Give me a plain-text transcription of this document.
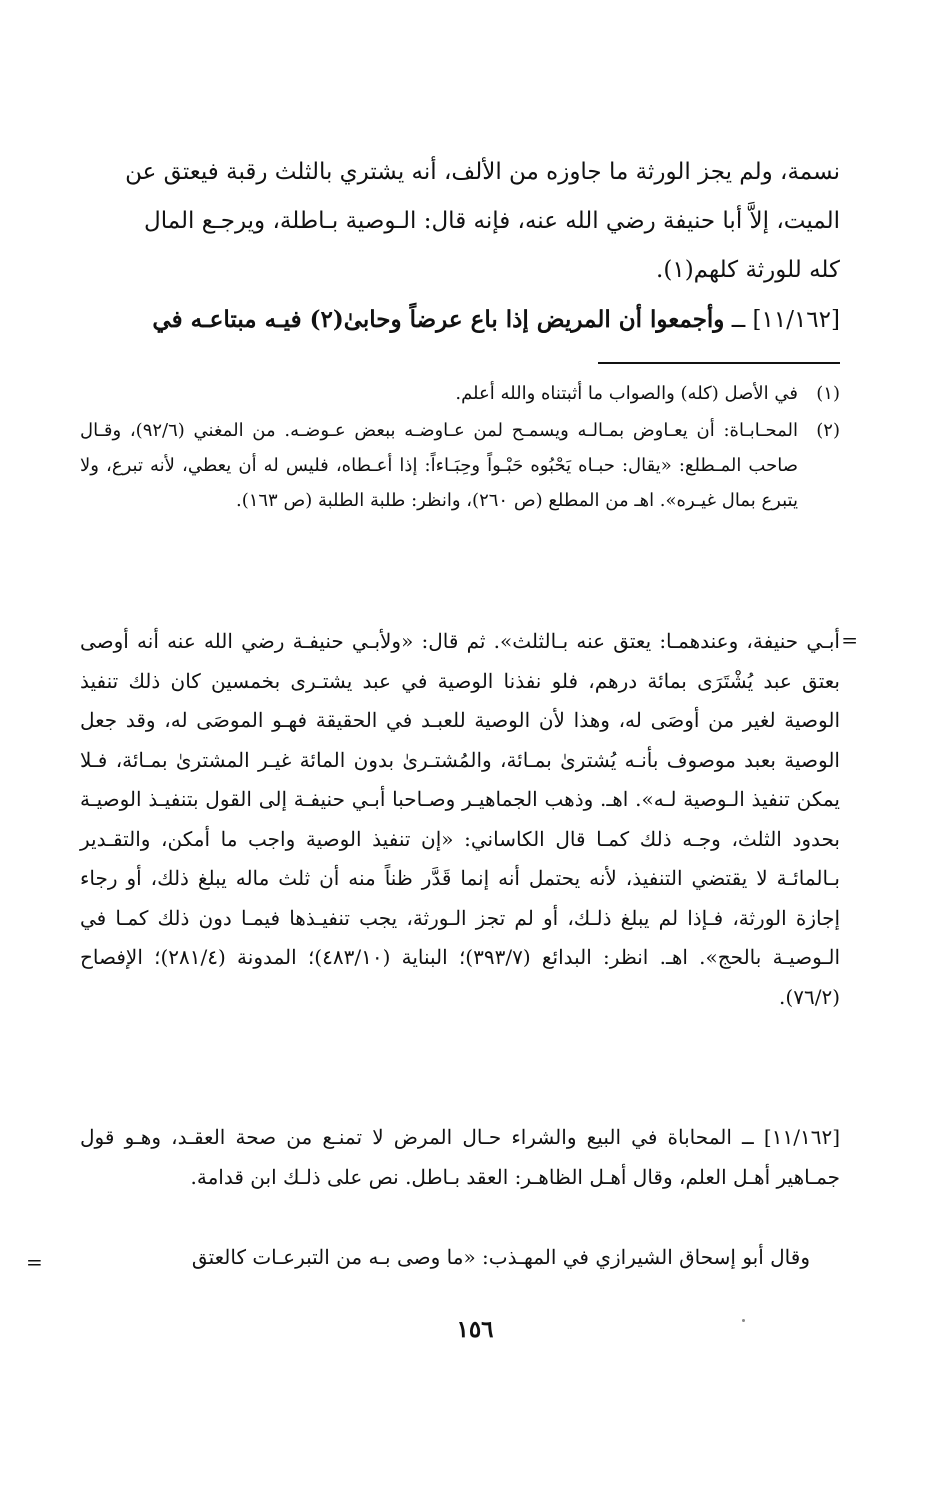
نسمة، ولم يجز الورثة ما جاوزه من الألف، أنه يشتري بالثلث رقبة فيعتق عن

الميت، إلاَّ أبا حنيفة رضي الله عنه، فإنه قال: الـوصية بـاطلة، ويرجـع المال

كله للورثة كلهم(١).

[١١/١٦٢] ــ وأجمعوا أن المريض إذا باع عرضاً وحابىٰ(٢) فيـه مبتاعـه في

(١)
في الأصل (كله) والصواب ما أثبتناه والله أعلم.
(٢)
المحـابـاة: أن يعـاوض بمـالـه ويسمـح لمن عـاوضـه ببعض عـوضـه. من المغني (٩٢/٦)، وقـال صاحب المـطلع: «يقال: حبـاه يَحْبُوه حَبْـواً وحِبَـاءاً: إذا أعـطاه، فليس له أن يعطي، لأنه تبرع، ولا يتبرع بمال غيـره». اهـ من المطلع (ص ٢٦٠)، وانظر: طلبة الطلبة (ص ١٦٣).
=

أبـي حنيفة، وعندهمـا: يعتق عنه بـالثلث». ثم قال: «ولأبـي حنيفـة رضي الله عنه أنه أوصى بعتق عبد يُشْتَرَى بمائة درهم، فلو نفذنا الوصية في عبد يشتـرى بخمسين كان ذلك تنفيذ الوصية لغير من أوصَى له، وهذا لأن الوصية للعبـد في الحقيقة فهـو الموصَى له، وقد جعل الوصية بعبد موصوف بأنـه يُشترىٰ بمـائة، والمُشتـرىٰ بدون المائة غيـر المشترىٰ بمـائة، فـلا يمكن تنفيذ الـوصية لـه». اهـ. وذهب الجماهيـر وصـاحبا أبـي حنيفـة إلى القول بتنفيـذ الوصيـة بحدود الثلث، وجـه ذلك كمـا قال الكاساني: «إن تنفيذ الوصية واجب ما أمكن، والتقـدير بـالمائـة لا يقتضي التنفيذ، لأنه يحتمل أنه إنما قَدَّر ظناً منه أن ثلث ماله يبلغ ذلك، أو رجاء إجازة الورثة، فـإذا لم يبلغ ذلـك، أو لم تجز الـورثة، يجب تنفيـذها فيمـا دون ذلك كمـا في الـوصيـة بالحج». اهـ. انظر: البدائع (٣٩٣/٧)؛ البناية (٤٨٣/١٠)؛ المدونة (٢٨١/٤)؛ الإفصاح (٧٦/٢).

[١١/١٦٢] ــ المحاباة في البيع والشراء حـال المرض لا تمنـع من صحة العقـد، وهـو قول جمـاهير أهـل العلم، وقال أهـل الظاهـر: العقد بـاطل. نص على ذلـك ابن قدامة.

وقال أبو إسحاق الشيرازي في المهـذب: «ما وصى بـه من التبرعـات كالعتق

=
١٥٦
